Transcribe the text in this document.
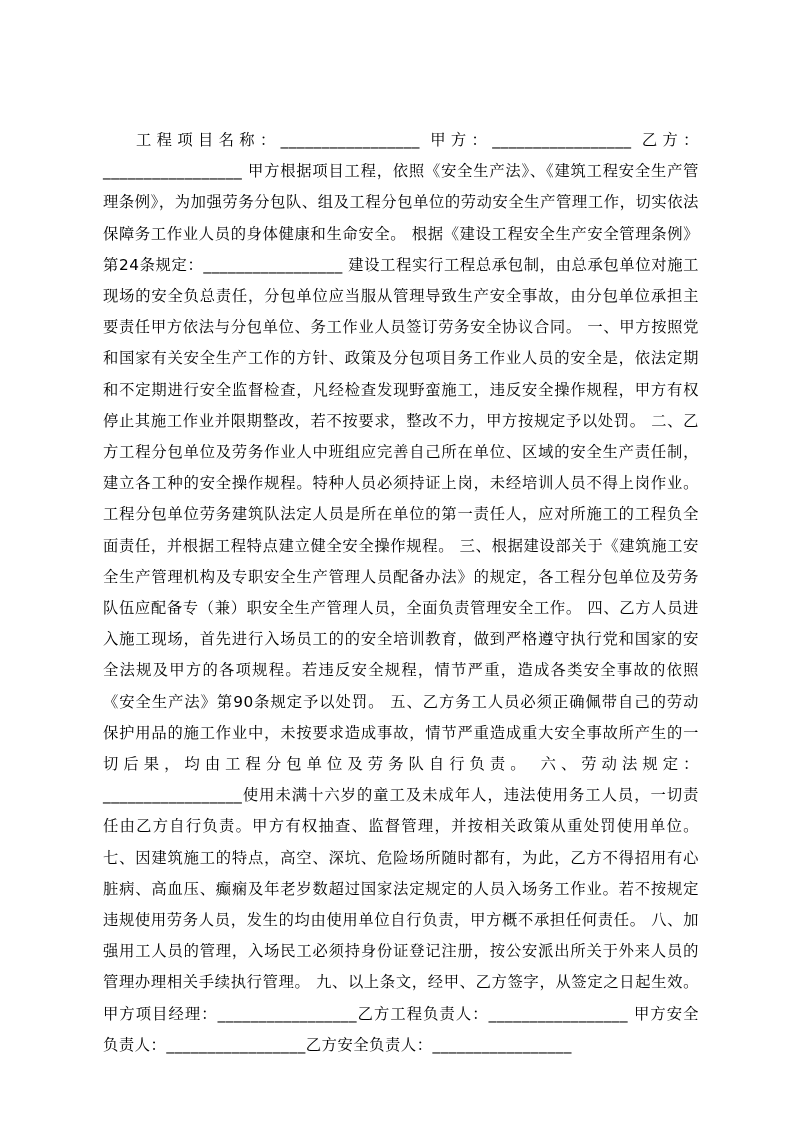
工程项目名称：_________________ 甲方：_________________ 乙方：_________________ 甲方根据项目工程，依照《安全生产法》、《建筑工程安全生产管理条例》，为加强劳务分包队、组及工程分包单位的劳动安全生产管理工作，切实依法保障务工作业人员的身体健康和生命安全。 根据《建设工程安全生产安全管理条例》第24条规定：_________________ 建设工程实行工程总承包制，由总承包单位对施工现场的安全负总责任，分包单位应当服从管理导致生产安全事故，由分包单位承担主要责任甲方依法与分包单位、务工作业人员签订劳务安全协议合同。 一、甲方按照党和国家有关安全生产工作的方针、政策及分包项目务工作业人员的安全是，依法定期和不定期进行安全监督检查，凡经检查发现野蛮施工，违反安全操作规程，甲方有权停止其施工作业并限期整改，若不按要求，整改不力，甲方按规定予以处罚。 二、乙方工程分包单位及劳务作业人中班组应完善自己所在单位、区域的安全生产责任制，建立各工种的安全操作规程。特种人员必须持证上岗，未经培训人员不得上岗作业。工程分包单位劳务建筑队法定人员是所在单位的第一责任人，应对所施工的工程负全面责任，并根据工程特点建立健全安全操作规程。 三、根据建设部关于《建筑施工安全生产管理机构及专职安全生产管理人员配备办法》的规定，各工程分包单位及劳务队伍应配备专（兼）职安全生产管理人员，全面负责管理安全工作。 四、乙方人员进入施工现场，首先进行入场员工的的安全培训教育，做到严格遵守执行党和国家的安全法规及甲方的各项规程。若违反安全规程，情节严重，造成各类安全事故的依照《安全生产法》第90条规定予以处罚。 五、乙方务工人员必须正确佩带自己的劳动保护用品的施工作业中，未按要求造成事故，情节严重造成重大安全事故所产生的一切后果，均由工程分包单位及劳务队自行负责。 六、劳动法规定：_________________使用未满十六岁的童工及未成年人，违法使用务工人员，一切责任由乙方自行负责。甲方有权抽查、监督管理，并按相关政策从重处罚使用单位。 七、因建筑施工的特点，高空、深坑、危险场所随时都有，为此，乙方不得招用有心脏病、高血压、癫痫及年老岁数超过国家法定规定的人员入场务工作业。若不按规定违规使用劳务人员，发生的均由使用单位自行负责，甲方概不承担任何责任。 八、加强用工人员的管理，入场民工必须持身份证登记注册，按公安派出所关于外来人员的管理办理相关手续执行管理。 九、以上条文，经甲、乙方签字，从签定之日起生效。 甲方项目经理：_________________乙方工程负责人：_________________ 甲方安全负责人：_________________乙方安全负责人：_________________
